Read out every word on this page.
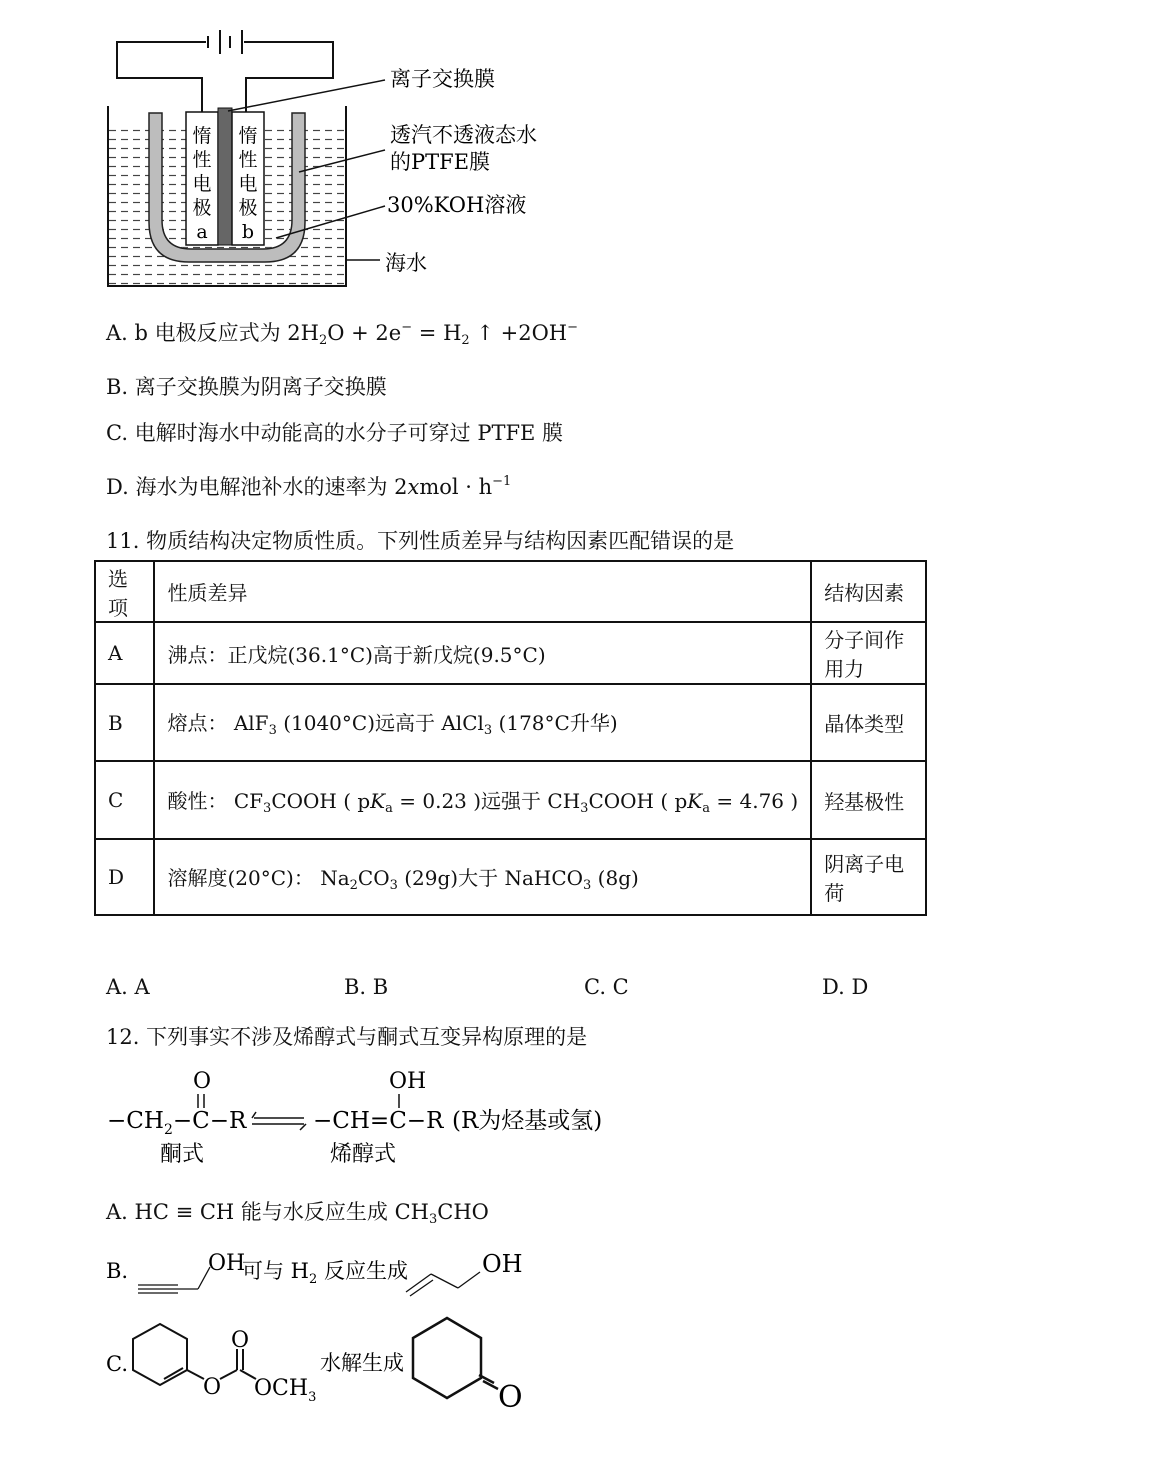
惰
性
电
极
a
惰
性
电
极
b
离子交换膜
透汽不透液态水
的PTFE膜
30%KOH溶液
海水
A. b 电极反应式为 $2H_2O + 2e^- = H_2$ ↑ +2OH−
B. 离子交换膜为阴离子交换膜
C. 电解时海水中动能高的水分子可穿过 PTFE 膜
D. 海水为电解池补水的速率为 2xmol · $h^{-1}$
11. 物质结构决定物质性质。下列性质差异与结构因素匹配错误的是
选项	性质差异	结构因素
A	沸点：正戊烷(36.1°C)高于新戊烷(9.5°C)	分子间作用力
B	熔点： AlF$_3$ (1040°C)远高于 AlCl$_3$ (178°C升华)	晶体类型
C	酸性： $CF_3COOH$ ( $pK_a = 0.23$ )远强于 $CH_3COOH$ ( $pK_a = 4.76$ )	羟基极性
D	溶解度(20°C)： $Na_2CO_3$ (29g)大于 NaHCO$_3$ (8g)	阴离子电荷
A. A	B. B	C. C	D. D
12. 下列事实不涉及烯醇式与酮式互变异构原理的是
O
$-CH_2-C-R$
OH
−CH=C−R (R为烃基或氢)
酮式	烯醇式
A. HC ≡ CH 能与水反应生成 $CH_3CHO$
B.	OH
可与 $H_2$ 反应生成	OH
C.
O
O
$OCH_3$
水解生成
O
